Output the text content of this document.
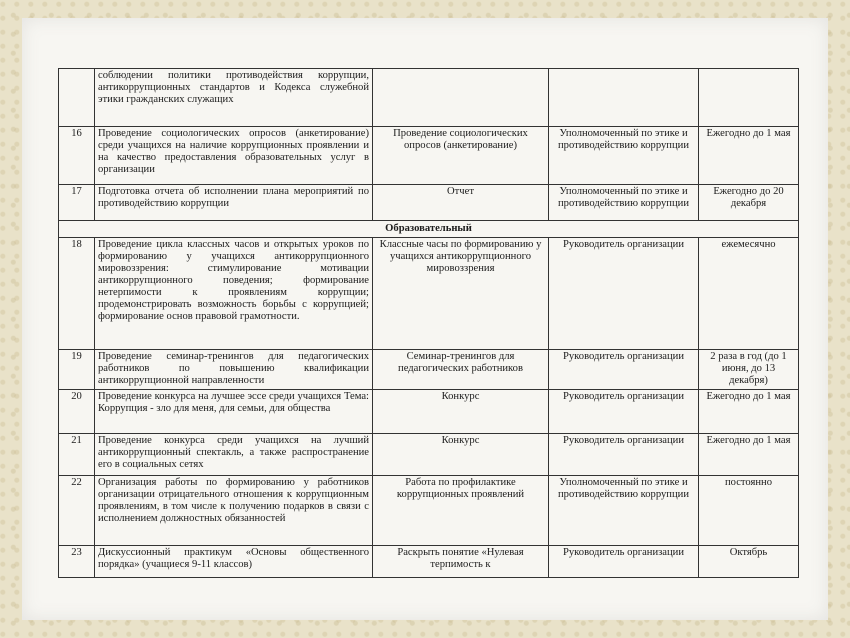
	соблюдении политики противодействия коррупции, антикоррупционных стандартов и Кодекса служебной этики гражданских служащих			
16	Проведение социологических опросов (анкетирование) среди учащихся на наличие коррупционных проявлении и на качество предоставления образовательных услуг в организации	Проведение социологических опросов (анкетирование)	Уполномоченный по этике и противодействию коррупции	Ежегодно до 1 мая
17	Подготовка отчета об исполнении плана мероприятий по противодействию коррупции	Отчет	Уполномоченный по этике и противодействию коррупции	Ежегодно до 20 декабря
Образовательный				
18	Проведение цикла классных часов и открытых уроков по формированию у учащихся антикоррупционного мировоззрения: стимулирование мотивации антикоррупционного поведения; формирование нетерпимости к проявлениям коррупции; продемонстрировать возможность борьбы с коррупцией; формирование основ правовой грамотности.	Классные часы по формированию у учащихся антикоррупционного мировоззрения	Руководитель организации	ежемесячно
19	Проведение семинар-тренингов для педагогических работников по повышению квалификации антикоррупционной направленности	Семинар-тренингов для педагогических работников	Руководитель организации	2 раза в год (до 1 июня, до 13 декабря)
20	Проведение конкурса на лучшее эссе среди учащихся Тема: Коррупция - зло для меня, для семьи, для общества	Конкурс	Руководитель организации	Ежегодно до 1 мая
21	Проведение конкурса среди учащихся на лучший антикоррупционный спектакль, а также распространение его в социальных сетях	Конкурс	Руководитель организации	Ежегодно до 1 мая
22	Организация работы по формированию у работников организации отрицательного отношения к коррупционным проявлениям, в том числе к получению подарков в связи с исполнением должностных обязанностей	Работа по профилактике коррупционных проявлений	Уполномоченный по этике и противодействию коррупции	постоянно
23	Дискуссионный практикум «Основы общественного порядка» (учащиеся 9-11 классов)	Раскрыть понятие «Нулевая терпимость к	Руководитель организации	Октябрь
